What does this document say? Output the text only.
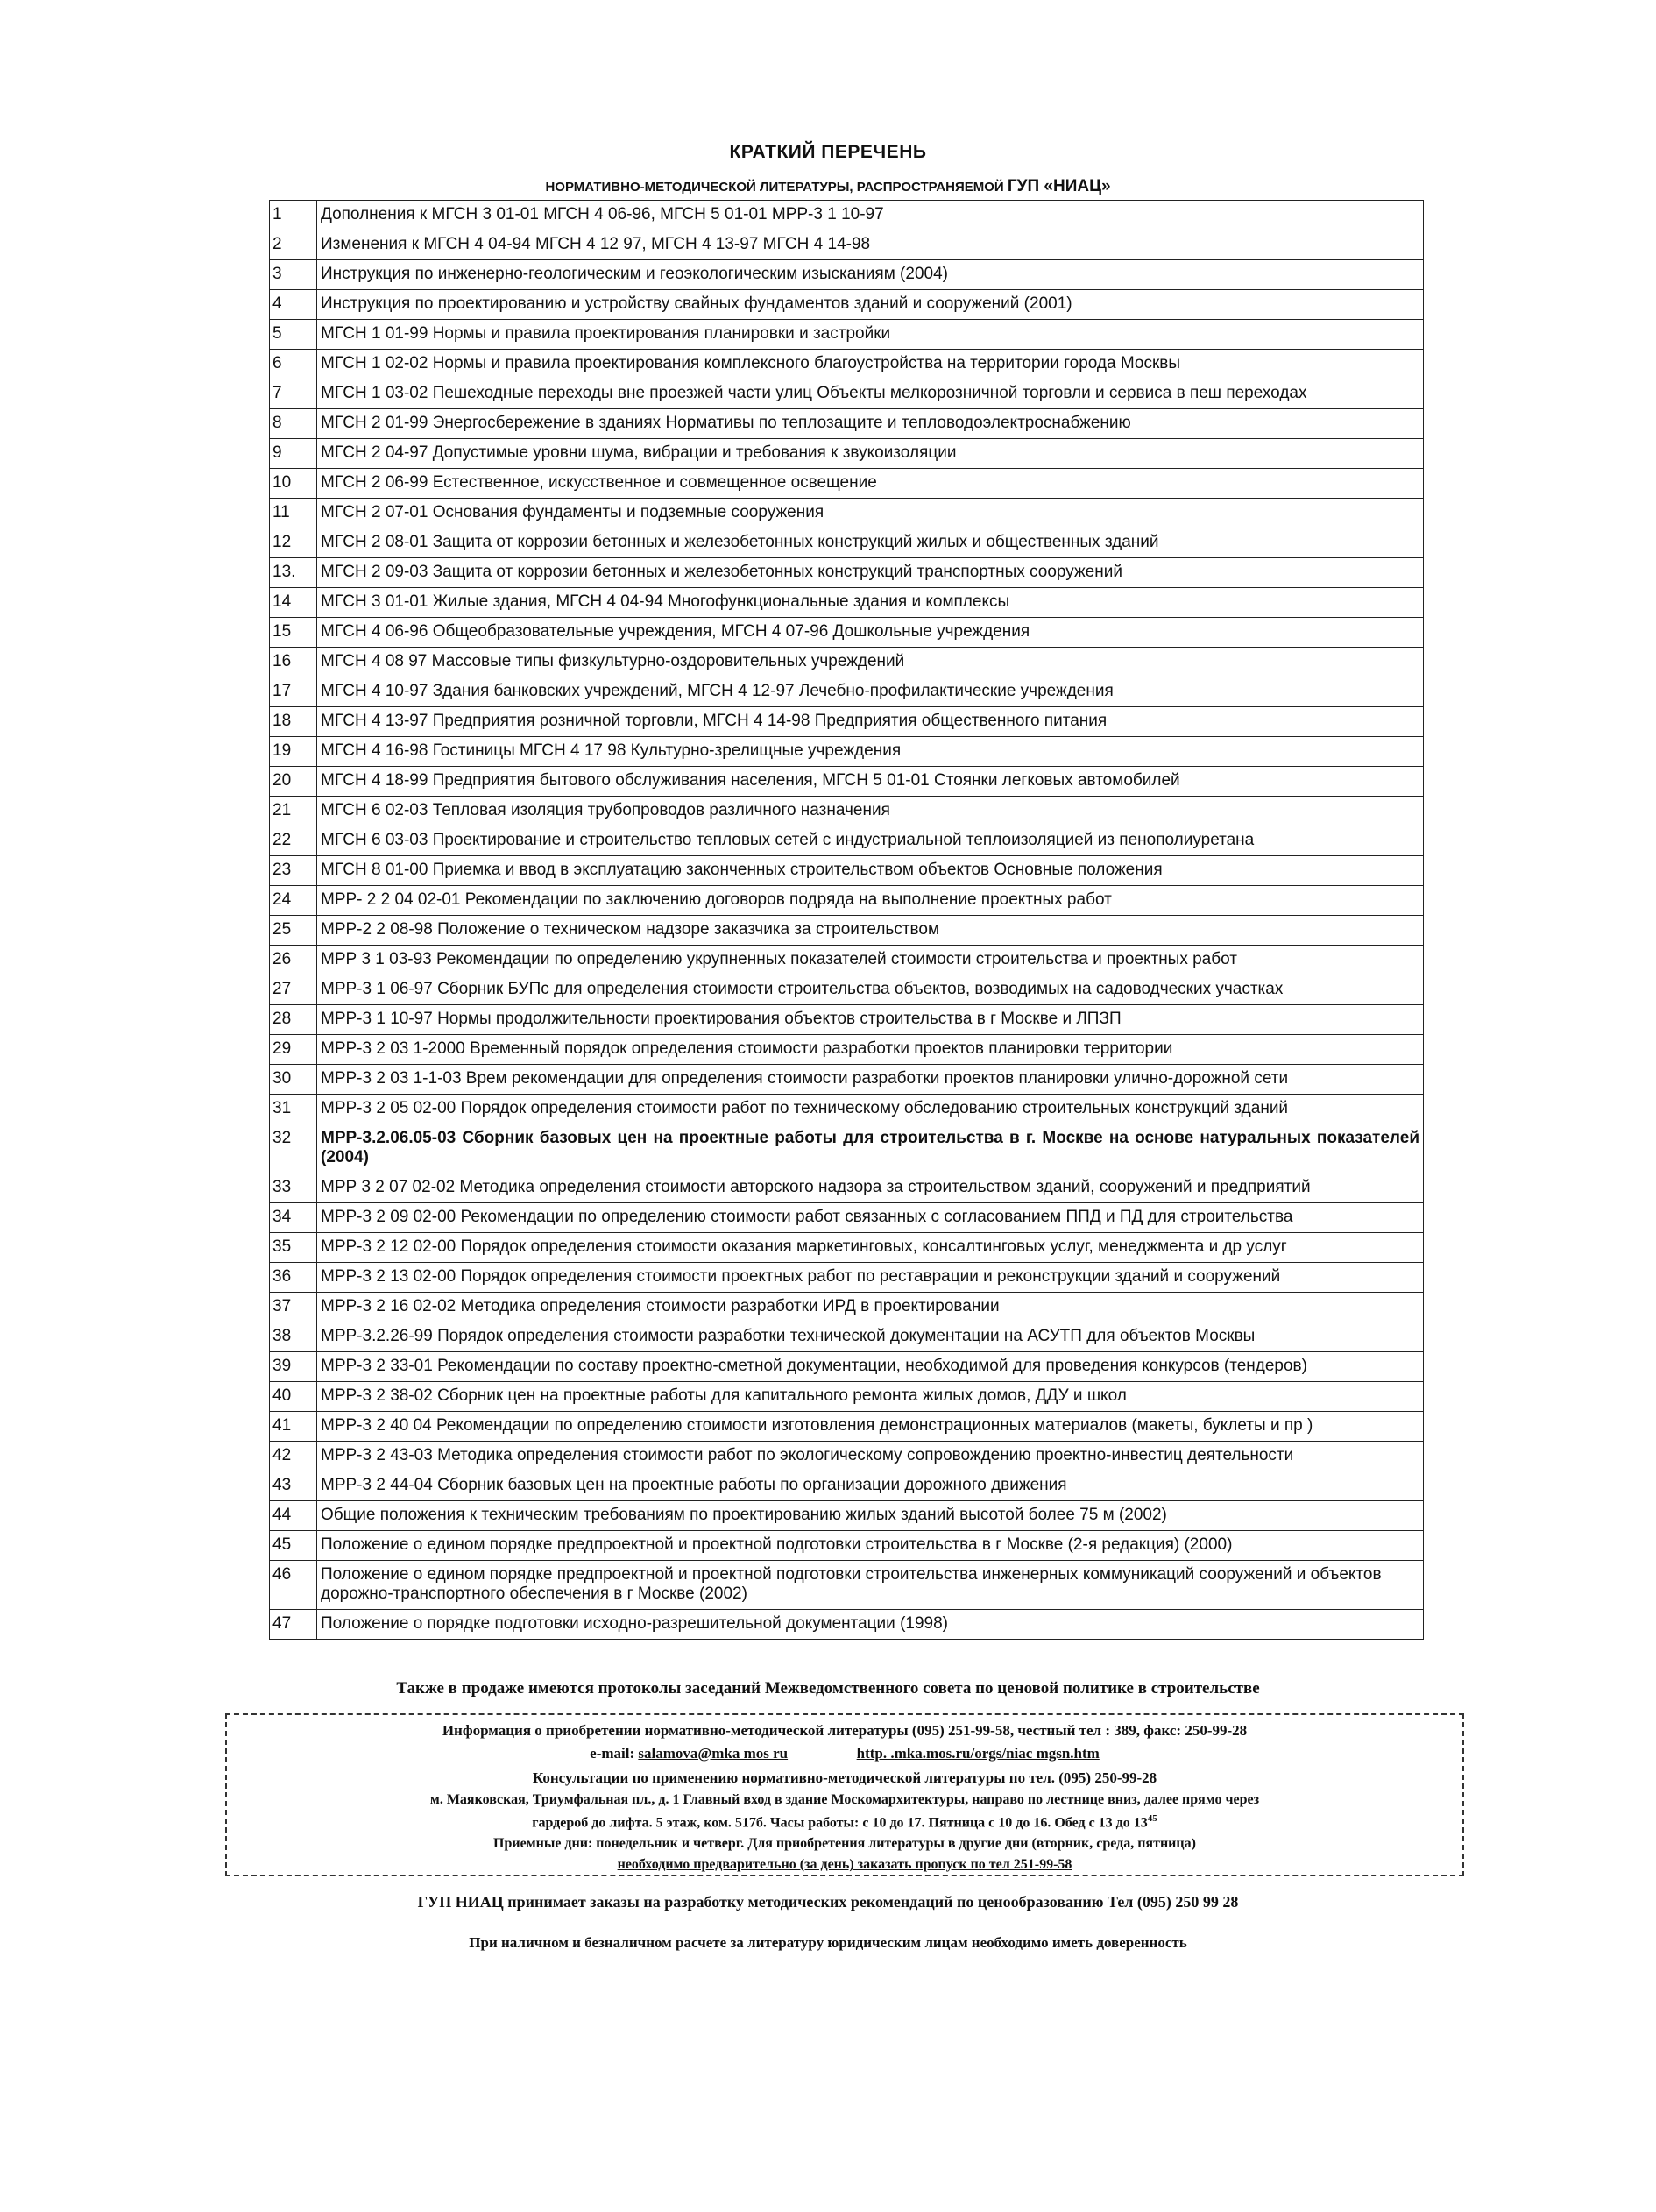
КРАТКИЙ ПЕРЕЧЕНЬ
НОРМАТИВНО-МЕТОДИЧЕСКОЙ ЛИТЕРАТУРЫ, РАСПРОСТРАНЯЕМОЙ ГУП «НИАЦ»
1	Дополнения к МГСН 3 01-01 МГСН 4 06-96, МГСН 5 01-01 МРР-3 1 10-97
2	Изменения к МГСН 4 04-94 МГСН 4 12 97, МГСН 4 13-97 МГСН 4 14-98
3	Инструкция по инженерно-геологическим и геоэкологическим изысканиям (2004)
4	Инструкция по проектированию и устройству свайных фундаментов зданий и сооружений (2001)
5	МГСН 1 01-99 Нормы и правила проектирования планировки и застройки
6	МГСН 1 02-02 Нормы и правила проектирования комплексного благоустройства на территории города Москвы
7	МГСН 1 03-02 Пешеходные переходы вне проезжей части улиц Объекты мелкорозничной торговли и сервиса в пеш переходах
8	МГСН 2 01-99 Энергосбережение в зданиях Нормативы по теплозащите и тепловодоэлектроснабжению
9	МГСН 2 04-97 Допустимые уровни шума, вибрации и требования к звукоизоляции
10	МГСН 2 06-99 Естественное, искусственное и совмещенное освещение
11	МГСН 2 07-01 Основания фундаменты и подземные сооружения
12	МГСН 2 08-01 Защита от коррозии бетонных и железобетонных конструкций жилых и общественных зданий
13.	МГСН 2 09-03 Защита от коррозии бетонных и железобетонных конструкций транспортных сооружений
14	МГСН 3 01-01 Жилые здания, МГСН 4 04-94 Многофункциональные здания и комплексы
15	МГСН 4 06-96 Общеобразовательные учреждения, МГСН 4 07-96 Дошкольные учреждения
16	МГСН 4 08 97 Массовые типы физкультурно-оздоровительных учреждений
17	МГСН 4 10-97 Здания банковских учреждений, МГСН 4 12-97 Лечебно-профилактические учреждения
18	МГСН 4 13-97 Предприятия розничной торговли, МГСН 4 14-98 Предприятия общественного питания
19	МГСН 4 16-98 Гостиницы МГСН 4 17 98 Культурно-зрелищные учреждения
20	МГСН 4 18-99 Предприятия бытового обслуживания населения, МГСН 5 01-01 Стоянки легковых автомобилей
21	МГСН 6 02-03 Тепловая изоляция трубопроводов различного назначения
22	МГСН 6 03-03 Проектирование и строительство тепловых сетей с индустриальной теплоизоляцией из пенополиуретана
23	МГСН 8 01-00 Приемка и ввод в эксплуатацию законченных строительством объектов Основные положения
24	МРР- 2 2 04 02-01 Рекомендации по заключению договоров подряда на выполнение проектных работ
25	МРР-2 2 08-98 Положение о техническом надзоре заказчика за строительством
26	МРР 3 1 03-93 Рекомендации по определению укрупненных показателей стоимости строительства и проектных работ
27	МРР-3 1 06-97 Сборник БУПс для определения стоимости строительства объектов, возводимых на садоводческих участках
28	МРР-3 1 10-97 Нормы продолжительности проектирования объектов строительства в г Москве и ЛПЗП
29	МРР-3 2 03 1-2000 Временный порядок определения стоимости разработки проектов планировки территории
30	МРР-3 2 03 1-1-03 Врем рекомендации для определения стоимости разработки проектов планировки улично-дорожной сети
31	МРР-3 2 05 02-00 Порядок определения стоимости работ по техническому обследованию строительных конструкций зданий
32	МРР-3.2.06.05-03 Сборник базовых цен на проектные работы для строительства в г. Москве на основе натуральных показателей (2004)
33	МРР 3 2 07 02-02 Методика определения стоимости авторского надзора за строительством зданий, сооружений и предприятий
34	МРР-3 2 09 02-00 Рекомендации по определению стоимости работ связанных с согласованием ППД и ПД для строительства
35	МРР-3 2 12 02-00 Порядок определения стоимости оказания маркетинговых, консалтинговых услуг, менеджмента и др услуг
36	МРР-3 2 13 02-00 Порядок определения стоимости проектных работ по реставрации и реконструкции зданий и сооружений
37	МРР-3 2 16 02-02 Методика определения стоимости разработки ИРД в проектировании
38	МРР-3.2.26-99 Порядок определения стоимости разработки технической документации на АСУТП для объектов Москвы
39	МРР-3 2 33-01 Рекомендации по составу проектно-сметной документации, необходимой для проведения конкурсов (тендеров)
40	МРР-3 2 38-02 Сборник цен на проектные работы для капитального ремонта жилых домов, ДДУ и школ
41	МРР-3 2 40 04 Рекомендации по определению стоимости изготовления демонстрационных материалов (макеты, буклеты и пр )
42	МРР-3 2 43-03 Методика определения стоимости работ по экологическому сопровождению проектно-инвестиц деятельности
43	МРР-3 2 44-04 Сборник базовых цен на проектные работы по организации дорожного движения
44	Общие положения к техническим требованиям по проектированию жилых зданий высотой более 75 м (2002)
45	Положение о едином порядке предпроектной и проектной подготовки строительства в г Москве (2-я редакция) (2000)
46	Положение о едином порядке предпроектной и проектной подготовки строительства инженерных коммуникаций сооружений и объектов дорожно-транспортного обеспечения в г Москве (2002)
47	Положение о порядке подготовки исходно-разрешительной документации (1998)
Также в продаже имеются протоколы заседаний Межведомственного совета по ценовой политике в строительстве
Информация о приобретении нормативно-методической литературы (095) 251-99-58, честный тел : 389, факс: 250-99-28
e-mail: salamova@mka mos ru	http. .mka.mos.ru/orgs/niac mgsn.htm
Консультации по применению нормативно-методической литературы по тел. (095) 250-99-28
м. Маяковская, Триумфальная пл., д. 1 Главный вход в здание Москомархитектуры, направо по лестнице вниз, далее прямо через
гардероб до лифта. 5 этаж, ком. 517б. Часы работы: с 10 до 17. Пятница с 10 до 16. Обед с 13 до $13^{45}$
Приемные дни: понедельник и четверг. Для приобретения литературы в другие дни (вторник, среда, пятница)
необходимо предварительно (за день) заказать пропуск по тел 251-99-58
ГУП НИАЦ принимает заказы на разработку методических рекомендаций по ценообразованию Тел (095) 250 99 28
При наличном и безналичном расчете за литературу юридическим лицам необходимо иметь доверенность
